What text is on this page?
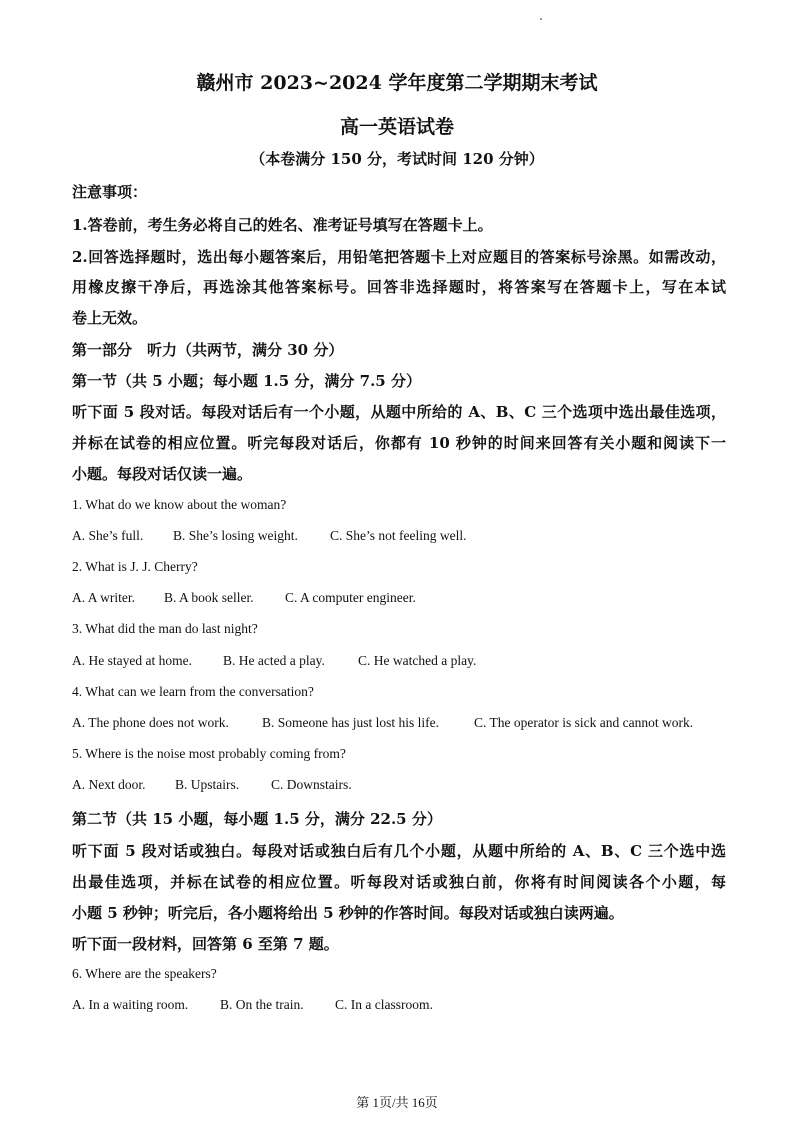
赣州市 2023~2024 学年度第二学期期末考试
高一英语试卷
（本卷满分 150 分，考试时间 120 分钟）
注意事项：
1.答卷前，考生务必将自己的姓名、准考证号填写在答题卡上。
2.回答选择题时，选出每小题答案后，用铅笔把答题卡上对应题目的答案标号涂黑。如需改动，
用橡皮擦干净后，再选涂其他答案标号。回答非选择题时，将答案写在答题卡上，写在本试
卷上无效。
第一部分　听力（共两节，满分 30 分）
第一节（共 5 小题；每小题 1.5 分，满分 7.5 分）
听下面 5 段对话。每段对话后有一个小题，从题中所给的 A、B、C 三个选项中选出最佳选项，
并标在试卷的相应位置。听完每段对话后，你都有 10 秒钟的时间来回答有关小题和阅读下一
小题。每段对话仅读一遍。
1. What do we know about the woman?
A. She’s full. B. She’s losing weight. C. She’s not feeling well.
2. What is J. J. Cherry?
A. A writer. B. A book seller. C. A computer engineer.
3. What did the man do last night?
A. He stayed at home. B. He acted a play. C. He watched a play.
4. What can we learn from the conversation?
A. The phone does not work. B. Someone has just lost his life.	C. The operator is sick and cannot work.
5. Where is the noise most probably coming from?
A. Next door. B. Upstairs. C. Downstairs.
第二节（共 15 小题，每小题 1.5 分，满分 22.5 分）
听下面 5 段对话或独白。每段对话或独白后有几个小题，从题中所给的 A、B、C 三个选中选
出最佳选项，并标在试卷的相应位置。听每段对话或独白前，你将有时间阅读各个小题，每
小题 5 秒钟；听完后，各小题将给出 5 秒钟的作答时间。每段对话或独白读两遍。
听下面一段材料，回答第 6 至第 7 题。
6. Where are the speakers?
A. In a waiting room. B. On the train. C. In a classroom.
第 1页/共 16页
